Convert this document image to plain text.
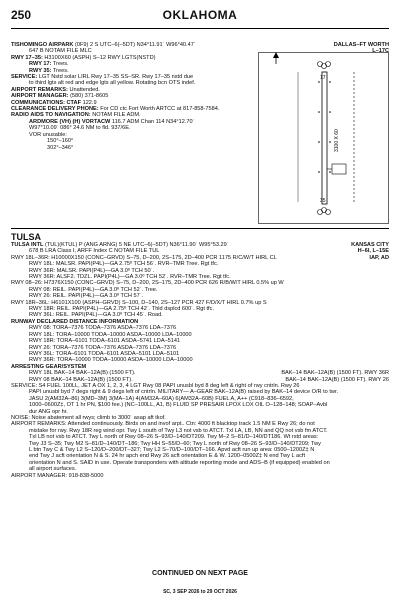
250	OKLAHOMA
TISHOMINGO AIRPARK (0F9) 2 S UTC–6(–5DT) N34°11.91´ W96°40.47´	DALLAS–FT WORTH
647 B NOTAM FILE MLC	L–17C
RWY 17–35: H3100X60 (ASPH) S–12 RWY LGTS(NSTD)
RWY 17: Trees.
RWY 35: Trees.
SERVICE: LGT Nstd solar LIRL Rwy 17–35 SS–SR. Rwy 17–35 nstd due
to third lgts alt red and edge lgts all yellow. Rotating bcn OTS indef.
AIRPORT REMARKS: Unattended.
AIRPORT MANAGER: (580) 371-8605
COMMUNICATIONS: CTAF 122.9
CLEARANCE DELIVERY PHONE: For CD ctc Fort Worth ARTCC at 817-858-7584.
RADIO AIDS TO NAVIGATION: NOTAM FILE ADM.
ARDMORE (VH) (H) VORTACW 116.7 ADM Chan 114 N34°12.70´
W97°10.09´ 086° 24.6 NM to fld. 937/6E.
VOR unusable:
150°–160°
302°–346°
17
35
3100 X 60
TULSA
TULSA INTL (TUL)(KTUL) P (ANG ARNG) 5 NE UTC–6(–5DT) N36°11.90´ W95°53.29´	KANSAS CITY
678 B LRA Class I, ARFF Index C NOTAM FILE TUL	H–6I, L–15E
RWY 18L–36R: H10000X150 (CONC–GRVD) S–75, D–200, 2S–175, 2D–400 PCR 1175 R/C/W/T HIRL CL	IAP, AD
RWY 18L: MALSR. PAPI(P4L)—GA 2.75º TCH 56´. RVR–TMR Tree. Rgt tfc.
RWY 36R: MALSR. PAPI(P4L)—GA 3.0º TCH 50´.
RWY 36R: ALSF2. TDZL. PAPI(P4L)—GA 3.0º TCH 52´. RVR–TMR Tree. Rgt tfc.
RWY 08–26: H7376X150 (CONC–GRVD) S–75, D–200, 2S–175, 2D–400 PCR 626 R/B/W/T HIRL 0.5% up W
RWY 08: REIL. PAPI(P4L)—GA 3.0º TCH 52´. Tree.
RWY 26: REIL. PAPI(P4L)—GA 3.0º TCH 57´.
RWY 18R–36L: H6101X100 (ASPH–GRVD) S–100, D–140, 2S–127 PCR 427 F/D/X/T HIRL 0.7% up S
RWY 18R: REIL. PAPI(P4L)—GA 2.75º TCH 42´. Thld dsplcd 600´. Rgt tfc.
RWY 36L: REIL. PAPI(P4L)—GA 3.0º TCH 45´. Road.
RUNWAY DECLARED DISTANCE INFORMATION
RWY 08: TORA–7376 TODA–7376 ASDA–7376 LDA–7376
RWY 18L: TORA–10000 TODA–10000 ASDA–10000 LDA–10000
RWY 18R: TORA–6101 TODA–6101 ASDA–5741 LDA–5141
RWY 26: TORA–7376 TODA–7376 ASDA–7376 LDA–7376
RWY 36L: TORA–6101 TODA–6101 ASDA–5101 LDA–5101
RWY 36R: TORA–10000 TODA–10000 ASDA–10000 LDA–10000
ARRESTING GEAR/SYSTEM
RWY 18L BAK–14 BAK–12A(B) (1500 FT).	BAK–14 BAK–12A(B) (1500 FT). RWY 36R
RWY 08 BAK–14 BAK–12A(B) (1500 FT).	BAK–14 BAK–12A(B) (1500 FT). RWY 26
SERVICE: S4 FUEL 100LL, JET A OX 1, 2, 3, 4 LGT Rwy 08 PAPI unusbl byd 8 deg left & right of rwy cntrln. Rwy 26
PAPI unusbl byd 7 degs right & 9 degs left of cntrln. MILITARY— A–GEAR BAK–12A(B) raised by BAK–14 device O/R to twr.
JASU 2(AM32A–86) 3(MD–3M) 3(MA–1A) 4(AM32A–60A) 6(AM32A–60B) FUEL A, A++ (C918–836–6592,
1000–0600Z‡, OT 1 hr PN, $100 fee.) (NC–100LL, A1, B) FLUID SP PRESAIR LPOX LOX OIL O–128–148; SOAP–Avbl
dur ANG opr hr.
NOISE: Noise abatement all rwys; climb to 3000´ asap aft tkof.
AIRPORT REMARKS: Attended continuously. Birds on and invof arpt.. Ctn: 4000 ft blacktop track 1.5 NM E Rwy 26; do not
mistake for rwy. Rwy 18R reg wind opr. Twy L south of Twy L3 not vsb to ATCT. Txl LA, LB, NN and QQ not vsb fm ATCT.
Txl LB not vsb to ATCT. Twy L north of Rwy 08–26 S–93/D–140/DT209. Twy M–2 S–81/D–140/DT186. Wt rstd areas:
Twy J3 S–35; Twy M2 S–81/D–140/DT–186; Twy HH S–55/D–60; Twy L north of Rwy 08–26 S–93/D–140/DT209; Twy
L btn Twy C & Twy L2 S–120/D–200/DT–327; Twy L2 S–70/D–100/DT–166. Apvd acft run up area: 0500–1200Z‡ N
end Twy J acft orientation N & S. 24 hr apch end Rwy 26 acft orientation E & W. 1200–0500Z‡ N end Twy L acft
orientation N and S. SAID in use. Operate transponders with altitude reporting mode and ADS–B (if equipped) enabled on
all airport surfaces.
AIRPORT MANAGER: 918-838-5000
CONTINUED ON NEXT PAGE
SC, 3 SEP 2026 to 29 OCT 2026
